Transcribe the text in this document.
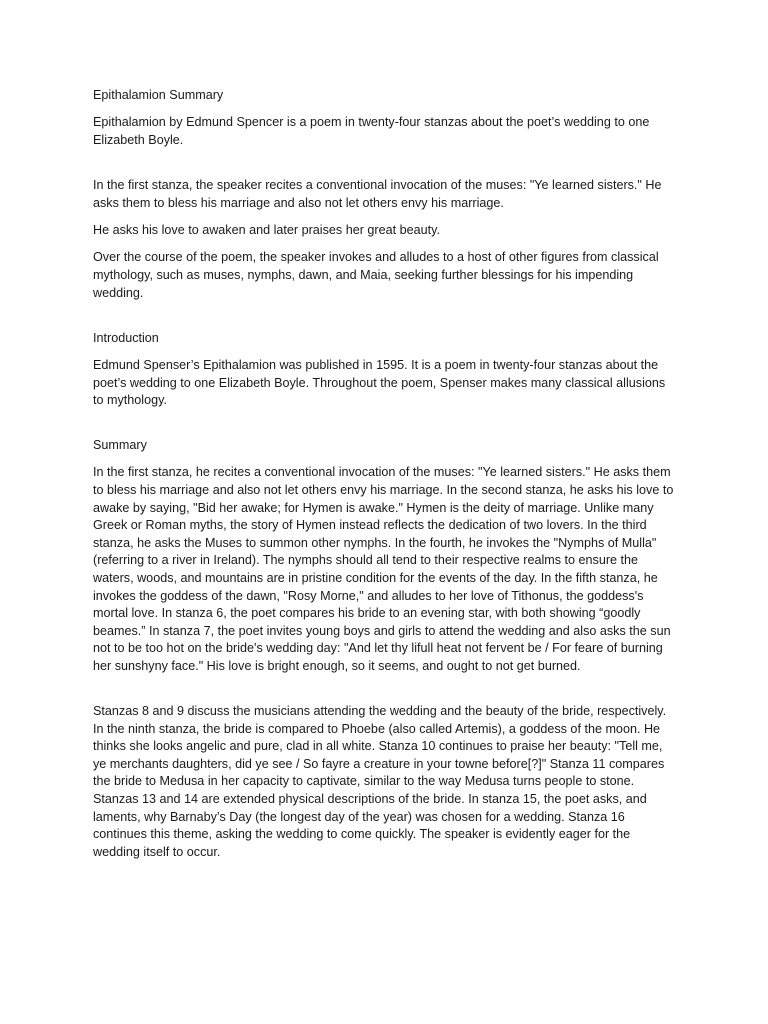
Epithalamion Summary

Epithalamion by Edmund Spencer is a poem in twenty-four stanzas about the poet’s wedding to one Elizabeth Boyle.

In the first stanza, the speaker recites a conventional invocation of the muses: "Ye learned sisters." He asks them to bless his marriage and also not let others envy his marriage.

He asks his love to awaken and later praises her great beauty.

Over the course of the poem, the speaker invokes and alludes to a host of other figures from classical mythology, such as muses, nymphs, dawn, and Maia, seeking further blessings for his impending wedding.

Introduction

Edmund Spenser’s Epithalamion was published in 1595. It is a poem in twenty-four stanzas about the poet’s wedding to one Elizabeth Boyle. Throughout the poem, Spenser makes many classical allusions to mythology.

Summary

In the first stanza, he recites a conventional invocation of the muses: "Ye learned sisters." He asks them to bless his marriage and also not let others envy his marriage. In the second stanza, he asks his love to awake by saying, "Bid her awake; for Hymen is awake." Hymen is the deity of marriage. Unlike many Greek or Roman myths, the story of Hymen instead reflects the dedication of two lovers. In the third stanza, he asks the Muses to summon other nymphs. In the fourth, he invokes the "Nymphs of Mulla" (referring to a river in Ireland). The nymphs should all tend to their respective realms to ensure the waters, woods, and mountains are in pristine condition for the events of the day. In the fifth stanza, he invokes the goddess of the dawn, "Rosy Morne," and alludes to her love of Tithonus, the goddess's mortal love. In stanza 6, the poet compares his bride to an evening star, with both showing “goodly beames.” In stanza 7, the poet invites young boys and girls to attend the wedding and also asks the sun not to be too hot on the bride's wedding day: "And let thy lifull heat not fervent be / For feare of burning her sunshyny face." His love is bright enough, so it seems, and ought to not get burned.

Stanzas 8 and 9 discuss the musicians attending the wedding and the beauty of the bride, respectively. In the ninth stanza, the bride is compared to Phoebe (also called Artemis), a goddess of the moon. He thinks she looks angelic and pure, clad in all white. Stanza 10 continues to praise her beauty: "Tell me, ye merchants daughters, did ye see / So fayre a creature in your towne before[?]" Stanza 11 compares the bride to Medusa in her capacity to captivate, similar to the way Medusa turns people to stone. Stanzas 13 and 14 are extended physical descriptions of the bride. In stanza 15, the poet asks, and laments, why Barnaby’s Day (the longest day of the year) was chosen for a wedding. Stanza 16 continues this theme, asking the wedding to come quickly. The speaker is evidently eager for the wedding itself to occur.
